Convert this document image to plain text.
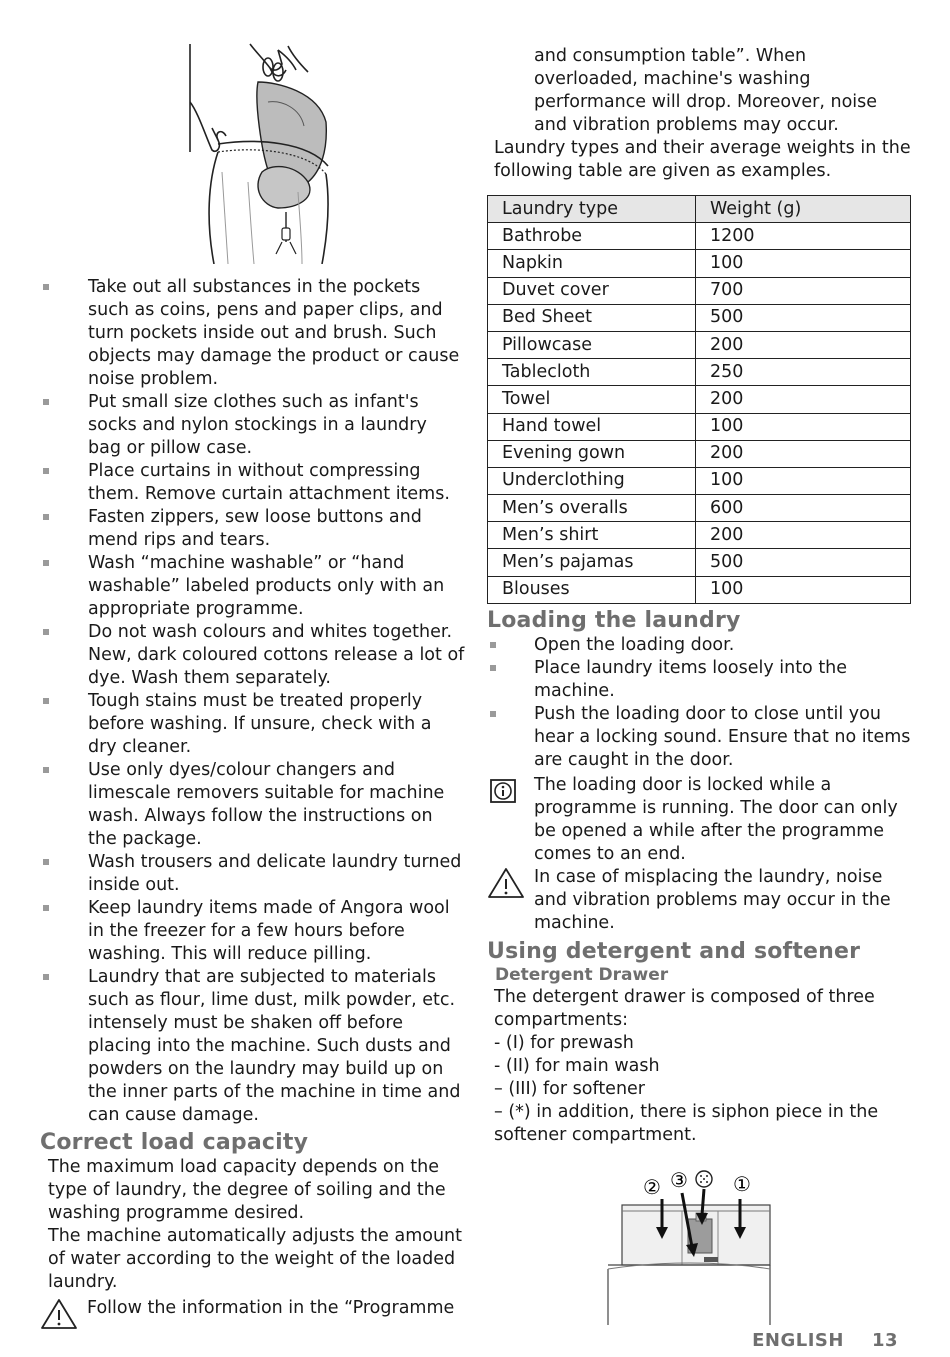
Take out all substances in the pockets such as coins, pens and paper clips, and turn pockets inside out and brush. Such objects may damage the product or cause noise problem.
Put small size clothes such as infant's socks and nylon stockings in a laundry bag or pillow case.
Place curtains in without compressing them. Remove curtain attachment items.
Fasten zippers, sew loose buttons and mend rips and tears.
Wash “machine washable” or “hand washable” labeled products only with an appropriate programme.
Do not wash colours and whites together. New, dark coloured cottons release a lot of dye. Wash them separately.
Tough stains must be treated properly before washing. If unsure, check with a dry cleaner.
Use only dyes/colour changers and limescale removers suitable for machine wash. Always follow the instructions on the package.
Wash trousers and delicate laundry turned inside out.
Keep laundry items made of Angora wool in the freezer for a few hours before washing. This will reduce pilling.
Laundry that are subjected to materials such as flour, lime dust, milk powder, etc. intensely must be shaken off before placing into the machine. Such dusts and powders on the laundry may build up on the inner parts of the machine in time and can cause damage.
Correct load capacity

The maximum load capacity depends on the type of laundry, the degree of soiling and the washing programme desired.

The machine automatically adjusts the amount of water according to the weight of the loaded laundry.

Follow the information in the “Programme

and consumption table”. When overloaded, machine's washing performance will drop. Moreover, noise and vibration problems may occur.

Laundry types and their average weights in the following table are given as examples.

Laundry type	Weight (g)
Bathrobe	1200
Napkin	100
Duvet cover	700
Bed Sheet	500
Pillowcase	200
Tablecloth	250
Towel	200
Hand towel	100
Evening gown	200
Underclothing	100
Men’s overalls	600
Men’s shirt	200
Men’s pajamas	500
Blouses	100
Loading the laundry
Open the loading door.
Place laundry items loosely into the machine.
Push the loading door to close until you hear a locking sound. Ensure that no items are caught in the door.
The loading door is locked while a programme is running. The door can only be opened a while after the programme comes to an end.
In case of misplacing the laundry, noise and vibration problems may occur in the machine.
Using detergent and softener
Detergent Drawer

The detergent drawer is composed of three compartments:

- (I) for prewash

- (II) for main wash

– (III) for softener

– (*) in addition, there is siphon piece in the softener compartment.

② ③ ①
ENGLISH 13
